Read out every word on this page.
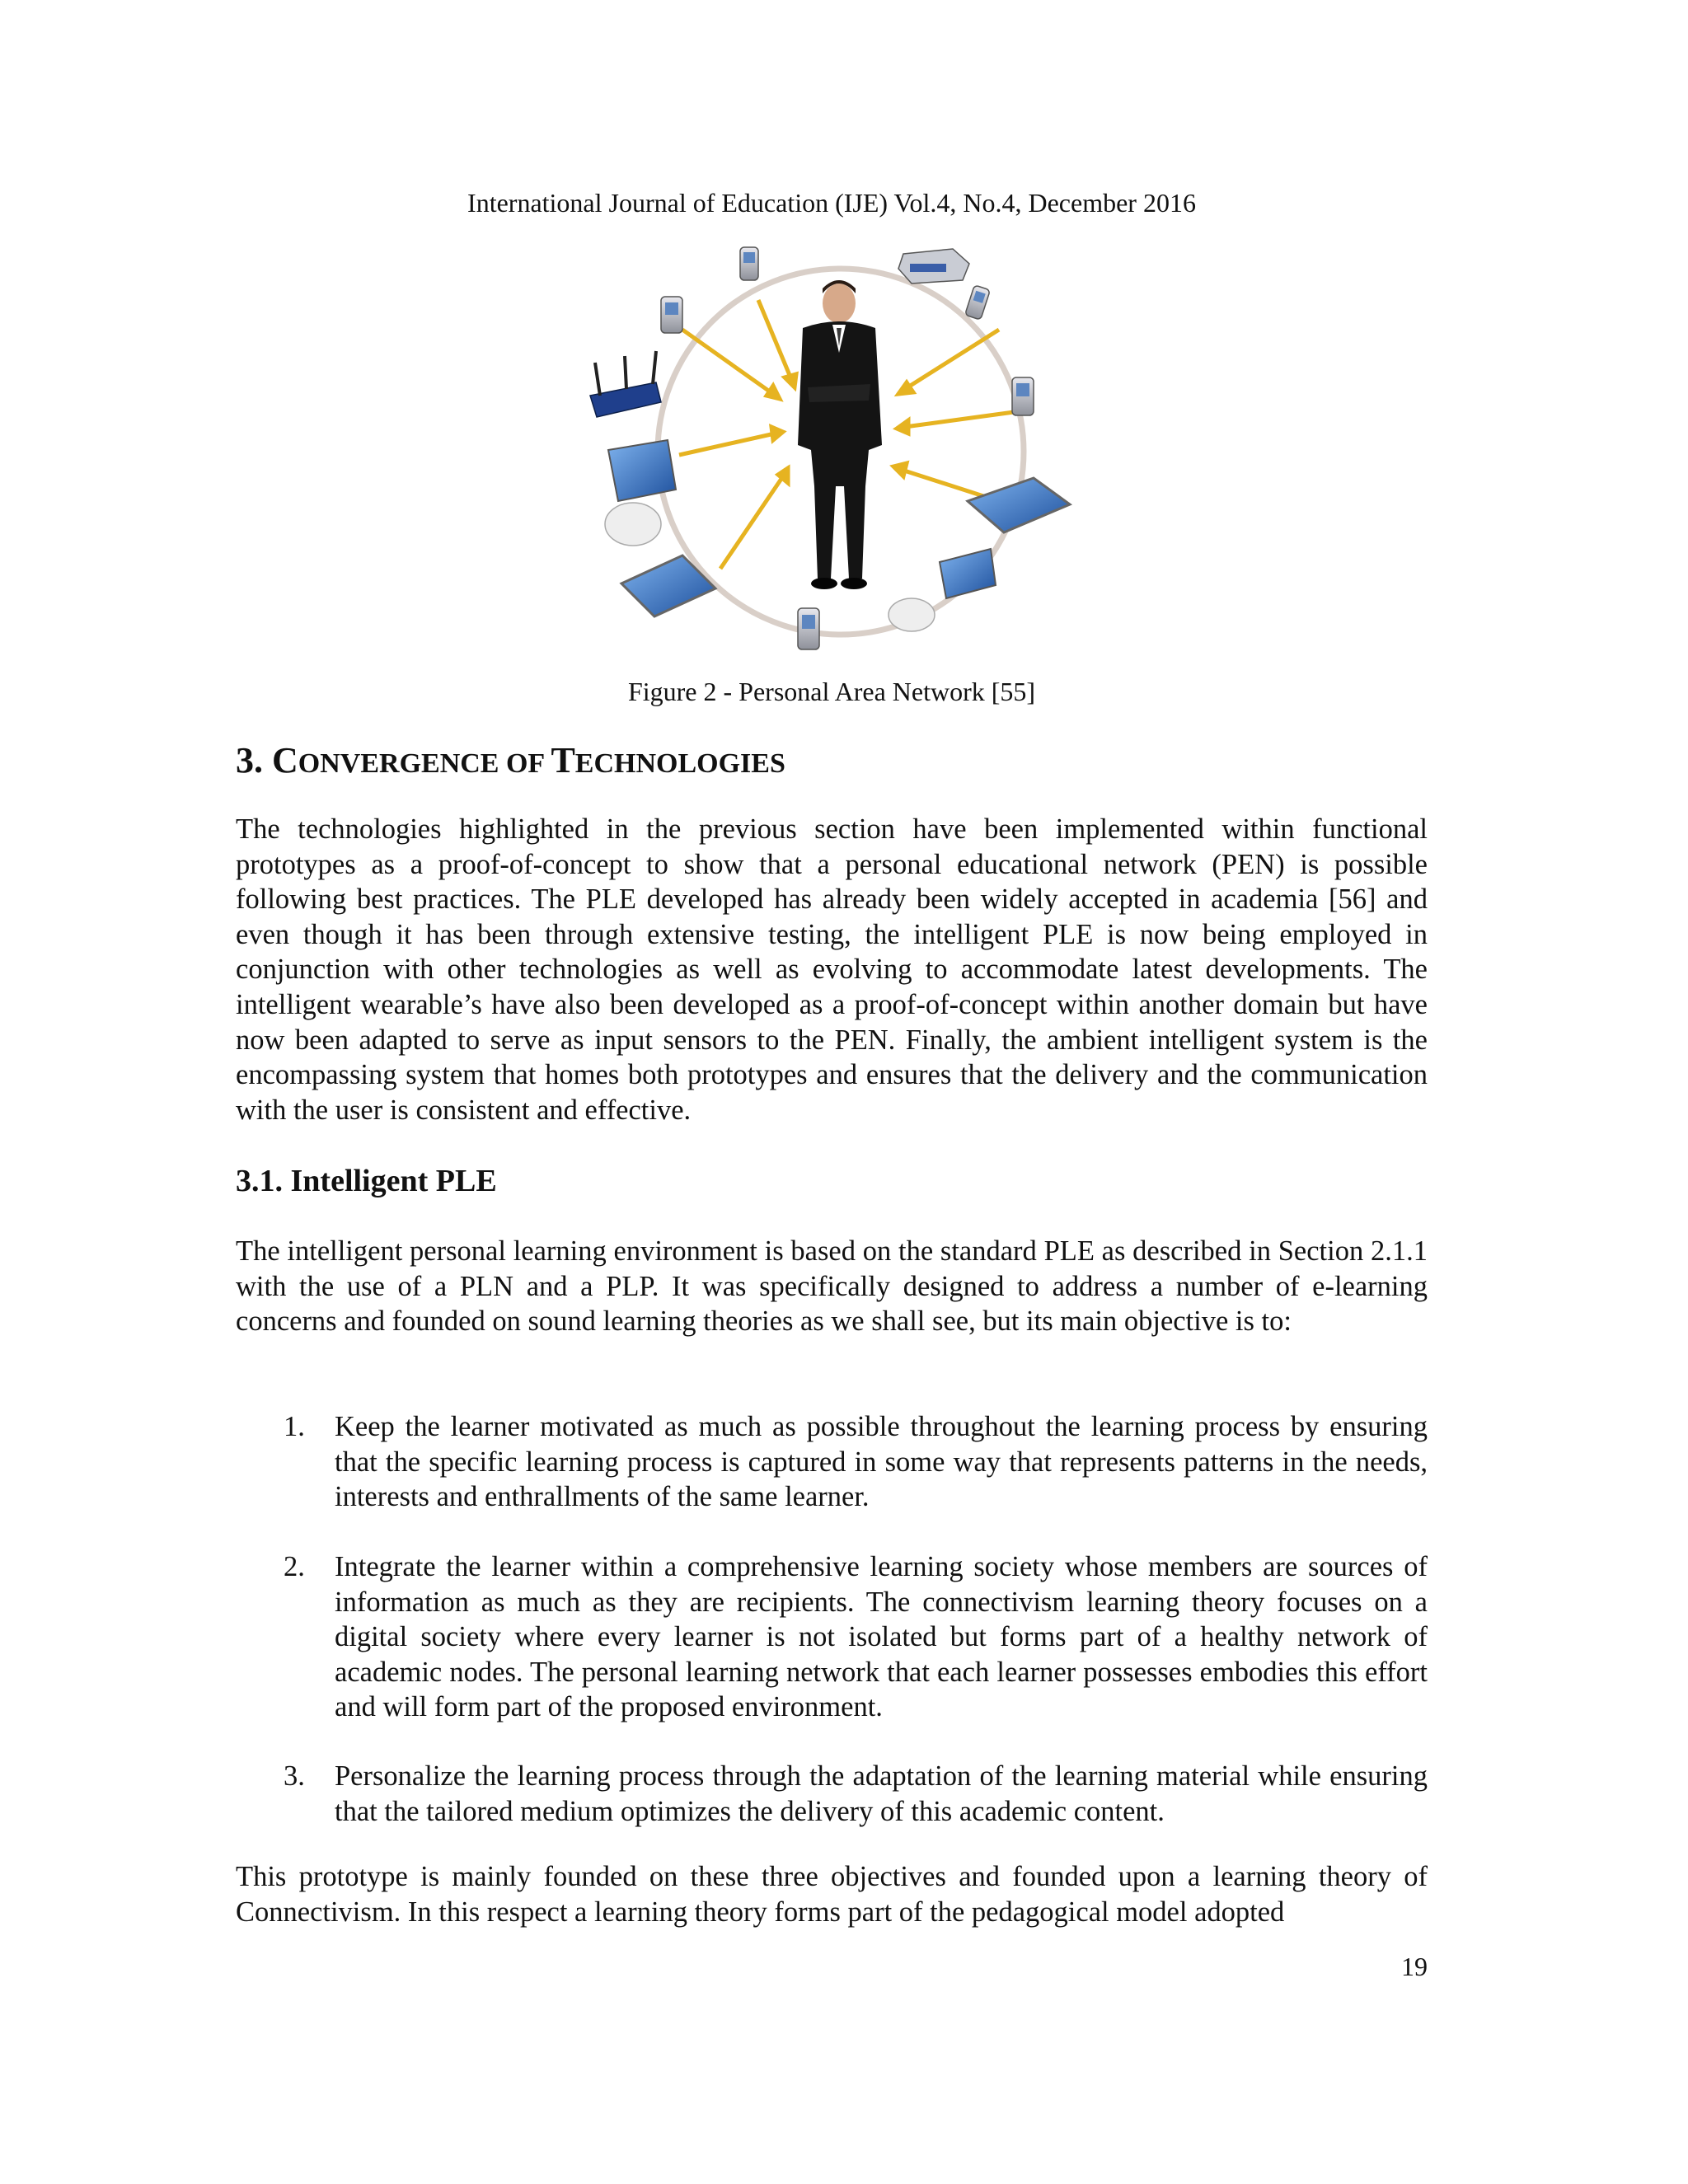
International Journal of Education (IJE) Vol.4, No.4, December 2016
Figure 2 - Personal Area Network [55]
3. CONVERGENCE OF TECHNOLOGIES

The technologies highlighted in the previous section have been implemented within functional prototypes as a proof-of-concept to show that a personal educational network (PEN) is possible following best practices. The PLE developed has already been widely accepted in academia [56] and even though it has been through extensive testing, the intelligent PLE is now being employed in conjunction with other technologies as well as evolving to accommodate latest developments. The intelligent wearable’s have also been developed as a proof-of-concept within another domain but have now been adapted to serve as input sensors to the PEN. Finally, the ambient intelligent system is the encompassing system that homes both prototypes and ensures that the delivery and the communication with the user is consistent and effective.

3.1. Intelligent PLE

The intelligent personal learning environment is based on the standard PLE as described in Section 2.1.1 with the use of a PLN and a PLP. It was specifically designed to address a number of e-learning concerns and founded on sound learning theories as we shall see, but its main objective is to:

1. Keep the learner motivated as much as possible throughout the learning process by ensuring that the specific learning process is captured in some way that represents patterns in the needs, interests and enthrallments of the same learner.
2. Integrate the learner within a comprehensive learning society whose members are sources of information as much as they are recipients. The connectivism learning theory focuses on a digital society where every learner is not isolated but forms part of a healthy network of academic nodes. The personal learning network that each learner possesses embodies this effort and will form part of the proposed environment.
3. Personalize the learning process through the adaptation of the learning material while ensuring that the tailored medium optimizes the delivery of this academic content.

This prototype is mainly founded on these three objectives and founded upon a learning theory of Connectivism. In this respect a learning theory forms part of the pedagogical model adopted

19
